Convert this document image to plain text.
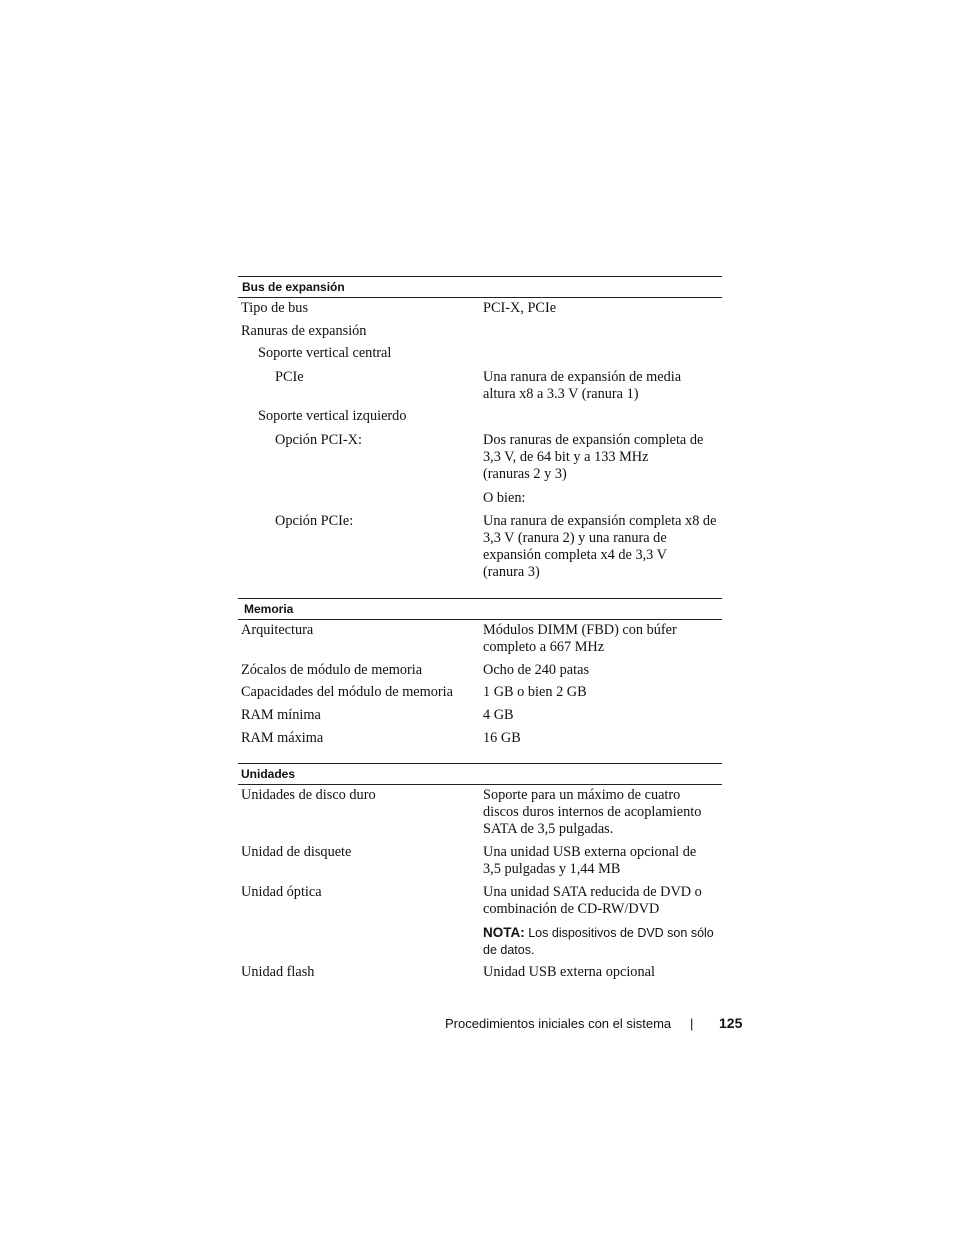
Bus de expansión
Tipo de bus	PCI-X, PCIe
Ranuras de expansión
Soporte vertical central
PCIe	Una ranura de expansión de media
altura x8 a 3.3 V (ranura 1)
Soporte vertical izquierdo
Opción PCI-X:	Dos ranuras de expansión completa de
3,3 V, de 64 bit y a 133 MHz
(ranuras 2 y 3)
O bien:
Opción PCIe:	Una ranura de expansión completa x8 de
3,3 V (ranura 2) y una ranura de
expansión completa x4 de 3,3 V
(ranura 3)
Memoria
Arquitectura	Módulos DIMM (FBD) con búfer
completo a 667 MHz
Zócalos de módulo de memoria	Ocho de 240 patas
Capacidades del módulo de memoria 1 GB o bien 2 GB
RAM mínima	4 GB
RAM máxima	16 GB
Unidades
Unidades de disco duro	Soporte para un máximo de cuatro
discos duros internos de acoplamiento
SATA de 3,5 pulgadas.
Unidad de disquete	Una unidad USB externa opcional de
3,5 pulgadas y 1,44 MB
Unidad óptica	Una unidad SATA reducida de DVD o
combinación de CD-RW/DVD
NOTA: Los dispositivos de DVD son sólo
de datos.
Unidad flash	Unidad USB externa opcional
Procedimientos iniciales con el sistema | 125
